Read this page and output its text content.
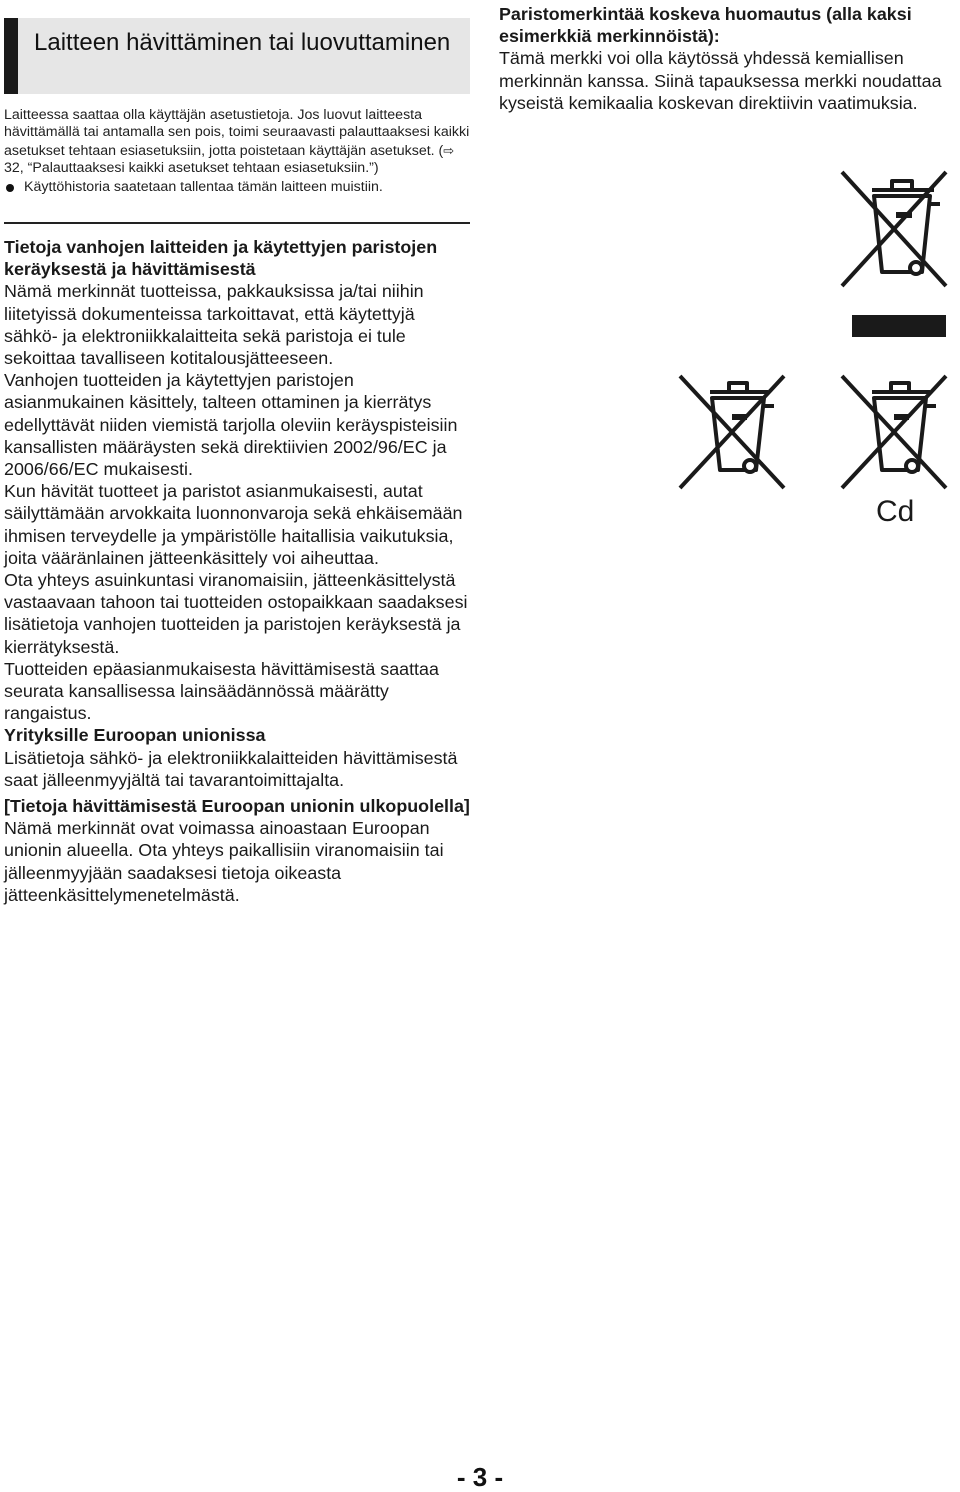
Laitteen hävittäminen tai luovuttaminen

Laitteessa saattaa olla käyttäjän asetustietoja. Jos luovut laitteesta hävittämällä tai antamalla sen pois, toimi seuraavasti palauttaaksesi kaikki asetukset tehtaan esiasetuksiin, jotta poistetaan käyttäjän asetukset. (⇨ 32, “Palauttaaksesi kaikki asetukset tehtaan esiasetuksiin.”)

Käyttöhistoria saatetaan tallentaa tämän laitteen muistiin.

Tietoja vanhojen laitteiden ja käytettyjen paristojen keräyksestä ja hävittämisestä

Nämä merkinnät tuotteissa, pakkauksissa ja/tai niihin liitetyissä dokumenteissa tarkoittavat, että käytettyjä sähkö- ja elektroniikkalaitteita sekä paristoja ei tule sekoittaa tavalliseen kotitalousjätteeseen.

Vanhojen tuotteiden ja käytettyjen paristojen asianmukainen käsittely, talteen ottaminen ja kierrätys edellyttävät niiden viemistä tarjolla oleviin keräyspisteisiin kansallisten määräysten sekä direktiivien 2002/96/EC ja 2006/66/EC mukaisesti.

Kun hävität tuotteet ja paristot asianmukaisesti, autat säilyttämään arvokkaita luonnonvaroja sekä ehkäisemään ihmisen terveydelle ja ympäristölle haitallisia vaikutuksia, joita vääränlainen jätteenkäsittely voi aiheuttaa.

Ota yhteys asuinkuntasi viranomaisiin, jätteenkäsittelystä vastaavaan tahoon tai tuotteiden ostopaikkaan saadaksesi lisätietoja vanhojen tuotteiden ja paristojen keräyksestä ja kierrätyksestä.

Tuotteiden epäasianmukaisesta hävittämisestä saattaa seurata kansallisessa lainsäädännössä määrätty rangaistus.

Yrityksille Euroopan unionissa

Lisätietoja sähkö- ja elektroniikkalaitteiden hävittämisestä saat jälleenmyyjältä tai tavarantoimittajalta.

[Tietoja hävittämisestä Euroopan unionin ulkopuolella]

Nämä merkinnät ovat voimassa ainoastaan Euroopan unionin alueella. Ota yhteys paikallisiin viranomaisiin tai jälleenmyyjään saadaksesi tietoja oikeasta jätteenkäsittelymenetelmästä.

Paristomerkintää koskeva huomautus (alla kaksi esimerkkiä merkinnöistä):

Tämä merkki voi olla käytössä yhdessä kemiallisen merkinnän kanssa. Siinä tapauksessa merkki noudattaa kyseistä kemikaalia koskevan direktiivin vaatimuksia.

Cd
- 3 -
